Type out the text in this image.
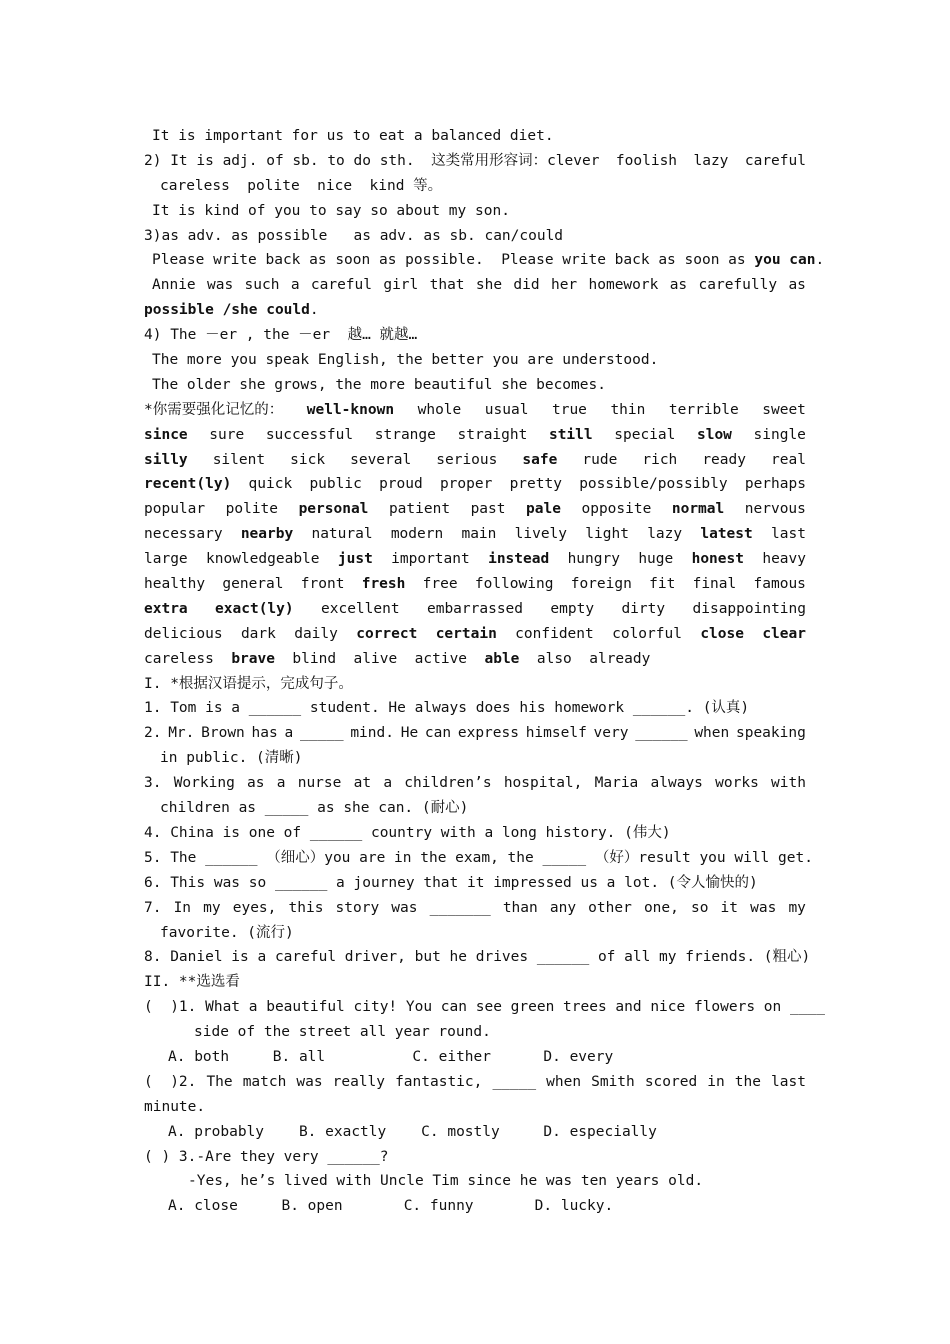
It is important for us to eat a balanced diet.
2) It is adj. of sb. to do sth. 这类常用形容词：clever foolish lazy careful
careless  polite  nice  kind 等。
It is kind of you to say so about my son.
3)as adv. as possible   as adv. as sb. can/could
Please write back as soon as possible.  Please write back as soon as you can.
Annie was such a careful girl that she did her homework as carefully as
possible /she could.
4) The －er , the －er  越… 就越…
The more you speak English, the better you are understood.
The older she grows, the more beautiful she becomes.
*你需要强化记忆的： well-known whole usual true thin terrible sweet
since sure successful strange straight still special slow single
silly silent sick several serious safe rude rich ready real
recent(ly) quick public proud proper pretty possible/possibly perhaps
popular polite personal patient past pale opposite normal nervous
necessary nearby natural modern main lively light lazy latest last
large knowledgeable just important instead hungry huge honest heavy
healthy general front fresh free following foreign fit final famous
extra exact(ly) excellent embarrassed empty dirty disappointing
delicious dark daily correct certain confident colorful close clear
careless  brave  blind  alive  active  able  also  already
I. *根据汉语提示，完成句子。
1. Tom is a ______ student. He always does his homework ______. (认真)
2. Mr. Brown has a _____ mind. He can express himself very ______ when speaking
in public. (清晰)
3. Working as a nurse at a children’s hospital, Maria always works with
children as _____ as she can. (耐心)
4. China is one of ______ country with a long history. (伟大)
5. The ______ （细心）you are in the exam, the _____ （好）result you will get.
6. This was so ______ a journey that it impressed us a lot. (令人愉快的)
7. In my eyes, this story was _______ than any other one, so it was my
favorite. (流行)
8. Daniel is a careful driver, but he drives ______ of all my friends. (粗心)
II. **选选看
(  )1. What a beautiful city! You can see green trees and nice flowers on ____
side of the street all year round.
A. both     B. all          C. either      D. every
(  )2. The match was really fantastic, _____ when Smith scored in the last
minute.
A. probably    B. exactly    C. mostly     D. especially
( ) 3.-Are they very ______?
-Yes, he’s lived with Uncle Tim since he was ten years old.
A. close     B. open       C. funny       D. lucky.
